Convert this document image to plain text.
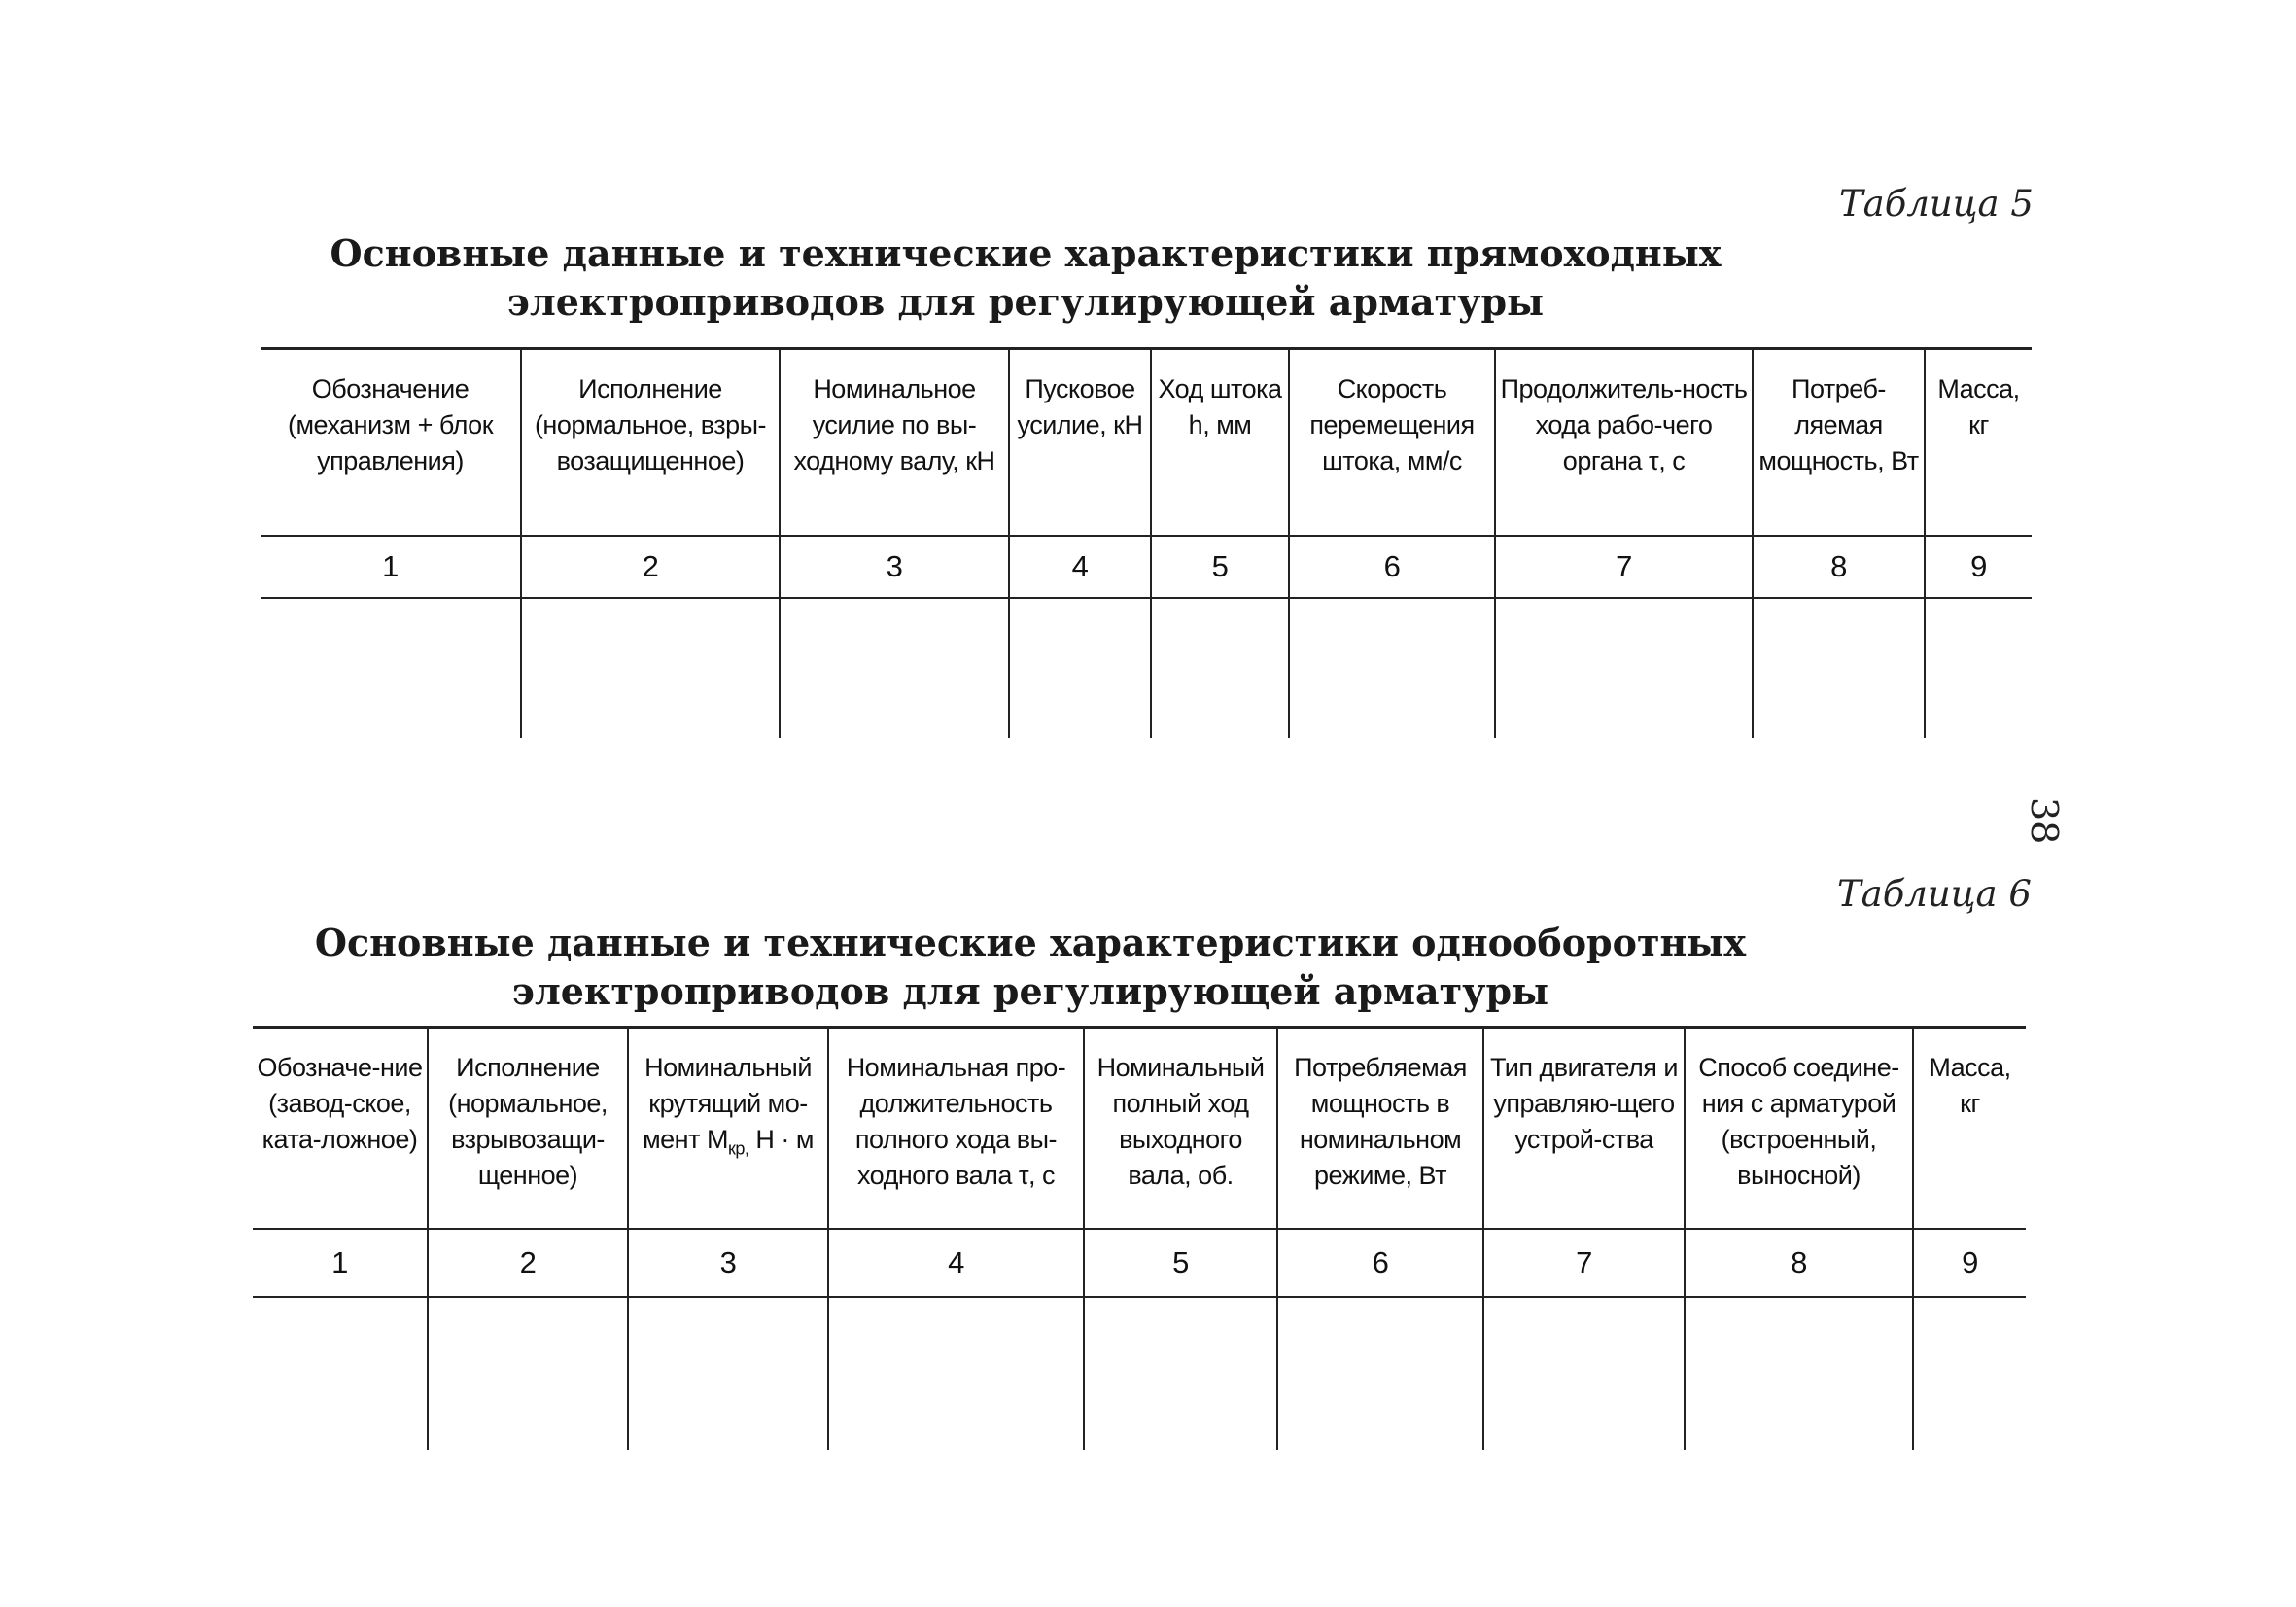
38
Таблица 5
Основные данные и технические характеристики прямоходных
электроприводов для регулирующей арматуры
Обозначение (механизм + блок управления)	Исполнение (нормальное, взры-возащищенное)	Номинальное усилие по вы-ходному валу, кН	Пусковое усилие, кН	Ход штока h, мм	Скорость перемещения штока, мм/с	Продолжитель-ность хода рабо-чего органа τ, с	Потреб-ляемая мощность, Вт	Масса, кг
1	2	3	4	5	6	7	8	9

Таблица 6
Основные данные и технические характеристики однооборотных
электроприводов для регулирующей арматуры
Обозначе-ние (завод-ское, ката-ложное)	Исполнение (нормальное, взрывозащи-щенное)	Номинальный крутящий мо-мент $M_{кр,}$ Н · м	Номинальная про-должительность полного хода вы-ходного вала τ, с	Номинальный полный ход выходного вала, об.	Потребляемая мощность в номинальном режиме, Вт	Тип двигателя и управляю-щего устрой-ства	Способ соедине-ния с арматурой (встроенный, выносной)	Масса, кг
1	2	3	4	5	6	7	8	9
